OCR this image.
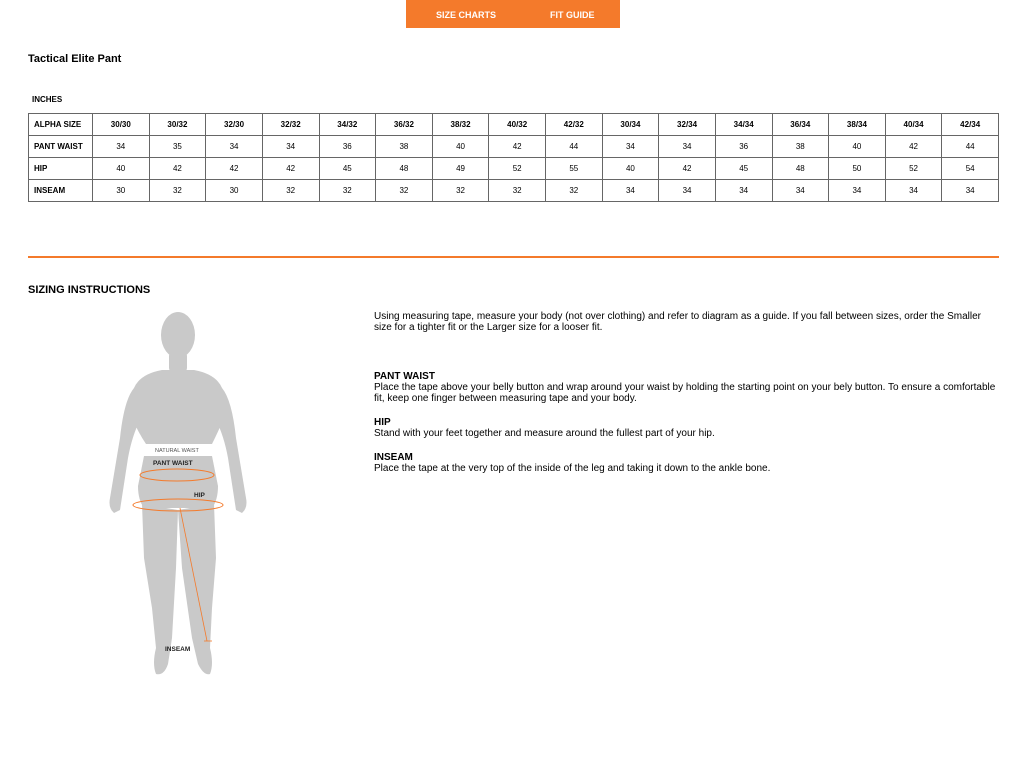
SIZE CHARTS	FIT GUIDE
Tactical Elite Pant
INCHES
ALPHA SIZE	30/30	30/32	32/30	32/32	34/32	36/32	38/32	40/32	42/32	30/34	32/34	34/34	36/34	38/34	40/34	42/34
PANT WAIST	34	35	34	34	36	38	40	42	44	34	34	36	38	40	42	44
HIP	40	42	42	42	45	48	49	52	55	40	42	45	48	50	52	54
INSEAM	30	32	30	32	32	32	32	32	32	34	34	34	34	34	34	34
SIZING INSTRUCTIONS
NATURAL WAIST
PANT WAIST
HIP
INSEAM
Using measuring tape, measure your body (not over clothing) and refer to diagram as a guide. If you fall between sizes, order the Smaller
size for a tighter fit or the Larger size for a looser fit.
PANT WAIST
Place the tape above your belly button and wrap around your waist by holding the starting point on your bely button. To ensure a comfortable fit, keep one finger between measuring tape and your body.
HIP
Stand with your feet together and measure around the fullest part of your hip.
INSEAM
Place the tape at the very top of the inside of the leg and taking it down to the ankle bone.
